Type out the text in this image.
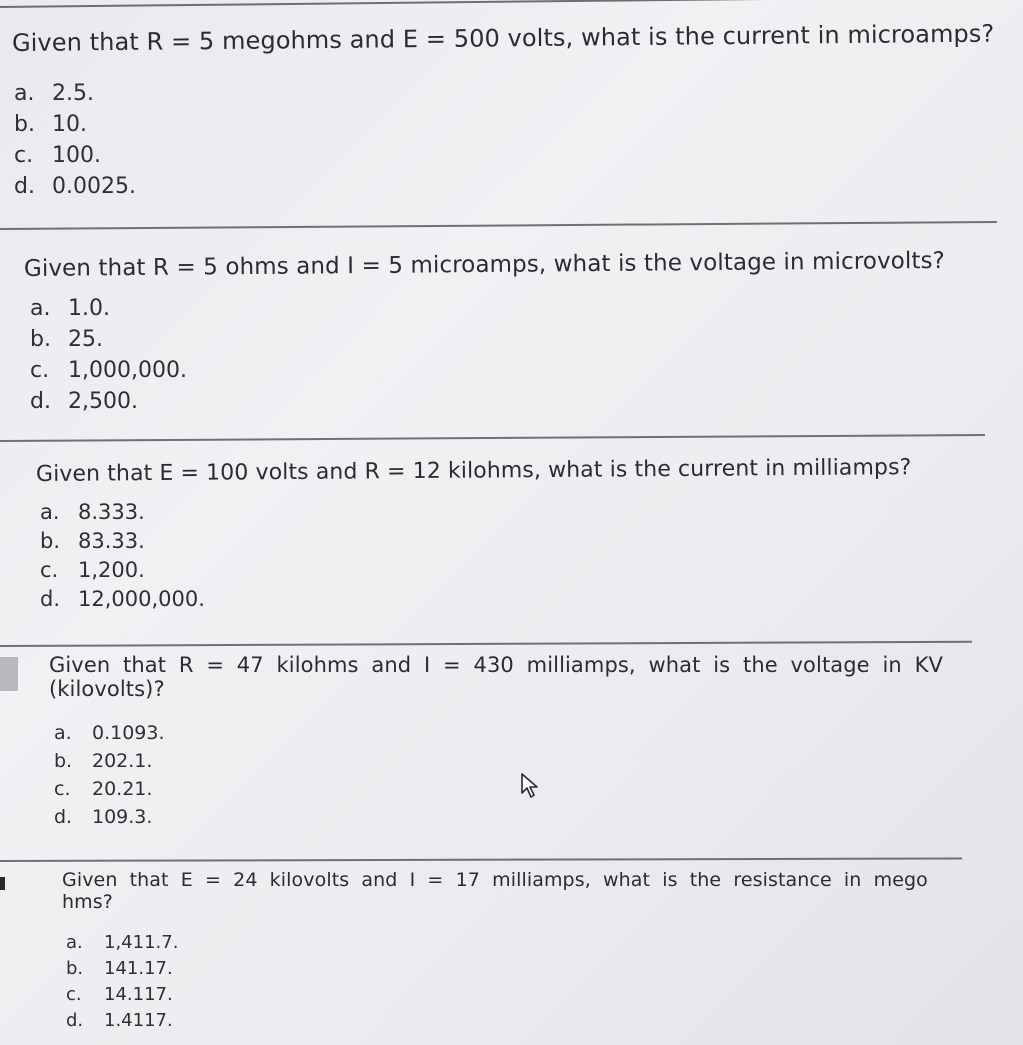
Given that R = 5 megohms and E = 500 volts, what is the current in microamps?

a. 2.5.
b. 10.
c. 100.
d. 0.0025.

Given that R = 5 ohms and I = 5 microamps, what is the voltage in microvolts?

a. 1.0.
b. 25.
c. 1,000,000.
d. 2,500.

Given that E = 100 volts and R = 12 kilohms, what is the current in milliamps?

a. 8.333.
b. 83.33.
c. 1,200.
d. 12,000,000.

Given that R = 47 kilohms and I = 430 milliamps, what is the voltage in KV (kilovolts)?

a.	0.1093.
b.	202.1.
c.	20.21.
d.	109.3.

Given that E = 24 kilovolts and I = 17 milliamps, what is the resistance in mego hms?

a.	1,411.7.
b.	141.17.
c.	14.117.
d.	1.4117.
